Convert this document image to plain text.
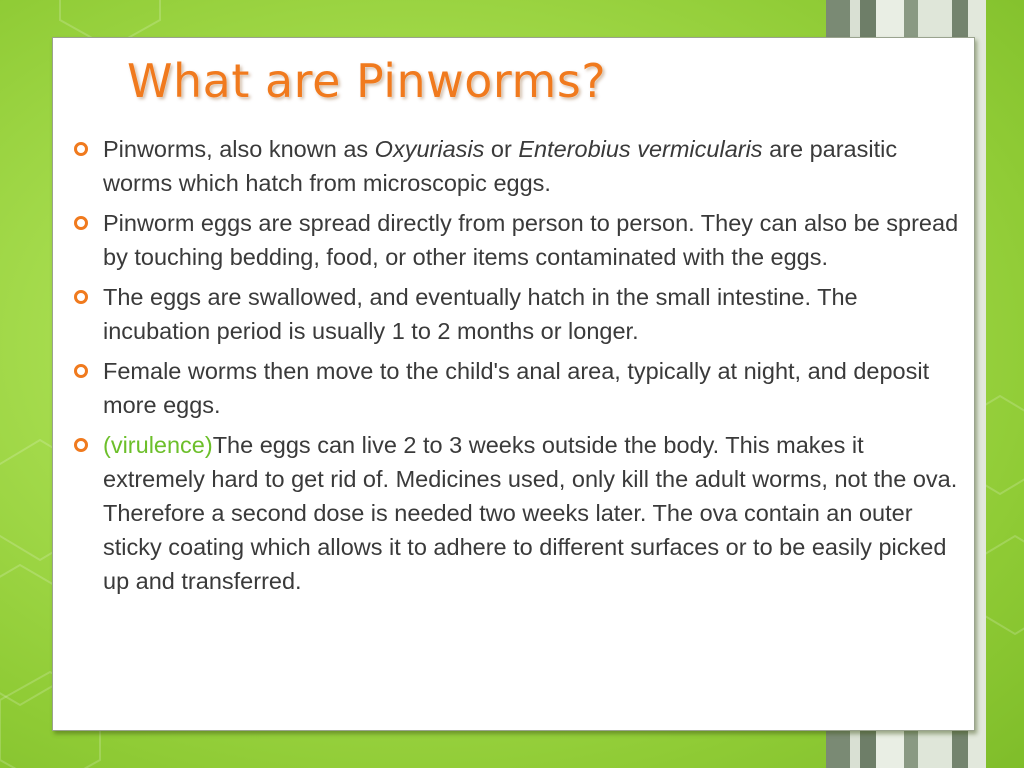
What are Pinworms?
Pinworms, also known as Oxyuriasis or Enterobius vermicularis are parasitic worms which hatch from microscopic eggs.
Pinworm eggs are spread directly from person to person. They can also be spread by touching bedding, food, or other items contaminated with the eggs.
The eggs are swallowed, and eventually hatch in the small intestine. The incubation period is usually 1 to 2 months or longer.
Female worms then move to the child's anal area, typically at night, and deposit more eggs.
(virulence)The eggs can live 2 to 3 weeks outside the body. This makes it extremely hard to get rid of. Medicines used, only kill the adult worms, not the ova. Therefore a second dose is needed two weeks later. The ova contain an outer sticky coating which allows it to adhere to different surfaces or to be easily picked up and transferred.
